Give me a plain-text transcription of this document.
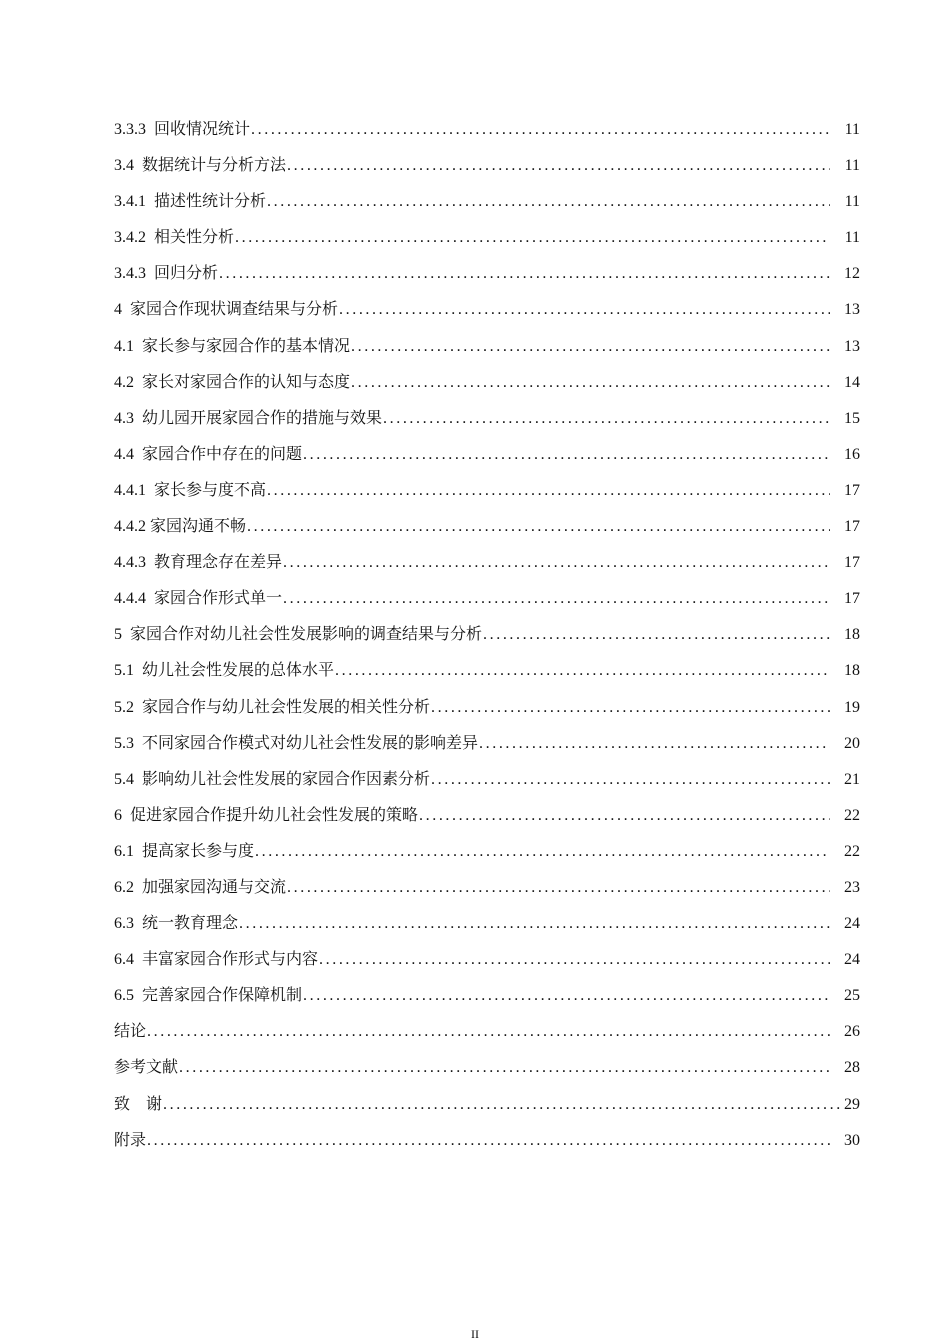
3.3.3  回收情况统计 .....	11
3.4  数据统计与分析方法 .....	11
3.4.1  描述性统计分析 .....	11
3.4.2  相关性分析 .....	11
3.4.3  回归分析 .....	12
4  家园合作现状调查结果与分析 .....	13
4.1  家长参与家园合作的基本情况 .....	13
4.2  家长对家园合作的认知与态度 .....	14
4.3  幼儿园开展家园合作的措施与效果 .....	15
4.4  家园合作中存在的问题 .....	16
4.4.1  家长参与度不高 .....	17
4.4.2 家园沟通不畅 .....	17
4.4.3  教育理念存在差异 .....	17
4.4.4  家园合作形式单一 .....	17
5  家园合作对幼儿社会性发展影响的调查结果与分析 .....	18
5.1  幼儿社会性发展的总体水平 .....	18
5.2  家园合作与幼儿社会性发展的相关性分析 .....	19
5.3  不同家园合作模式对幼儿社会性发展的影响差异 .....	20
5.4  影响幼儿社会性发展的家园合作因素分析 .....	21
6  促进家园合作提升幼儿社会性发展的策略 .....	22
6.1  提高家长参与度 .....	22
6.2  加强家园沟通与交流 .....	23
6.3  统一教育理念 .....	24
6.4  丰富家园合作形式与内容 .....	24
6.5  完善家园合作保障机制 .....	25
结论 .....	26
参考文献 .....	28
致    谢 .....	29
附录 .....	30
II
